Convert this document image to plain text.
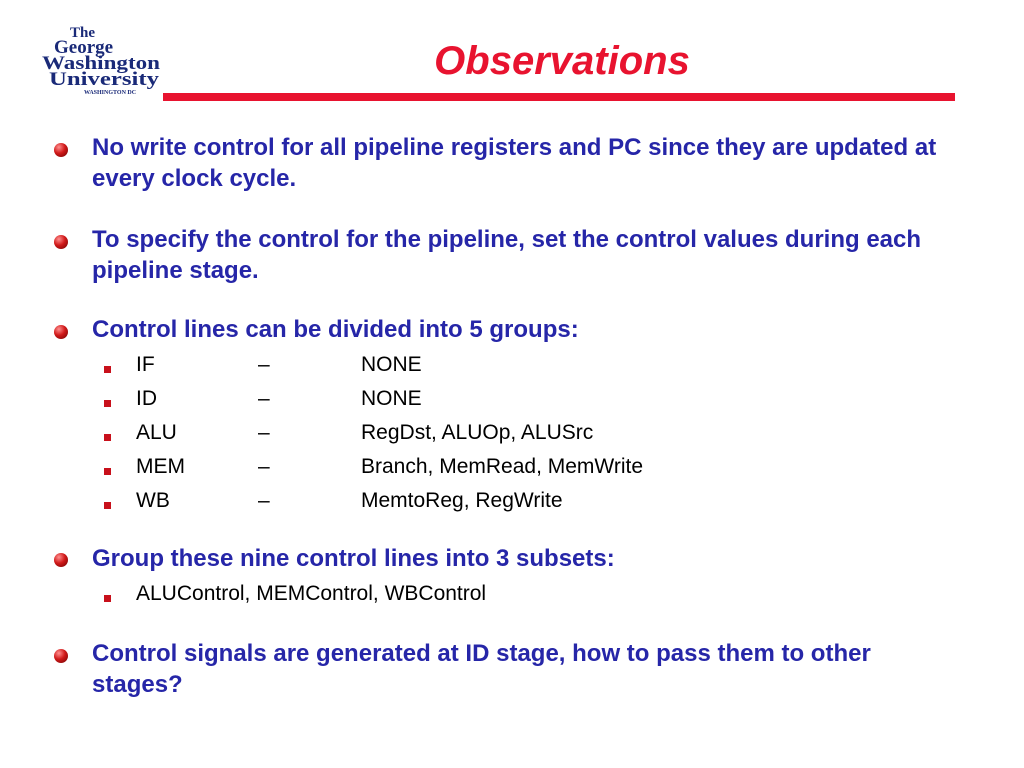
The
George
Washington
University
WASHINGTON DC
Observations
No write control for all pipeline registers and PC since they are updated at every clock cycle.
To specify the control for the pipeline, set the control values during each pipeline stage.
Control lines can be divided into 5 groups:
IF	–	NONE
ID	–	NONE
ALU	–	RegDst, ALUOp, ALUSrc
MEM	–	Branch, MemRead, MemWrite
WB	–	MemtoReg, RegWrite
Group these nine control lines into 3 subsets:
ALUControl, MEMControl, WBControl
Control signals are generated at ID stage, how to pass them to other stages?
